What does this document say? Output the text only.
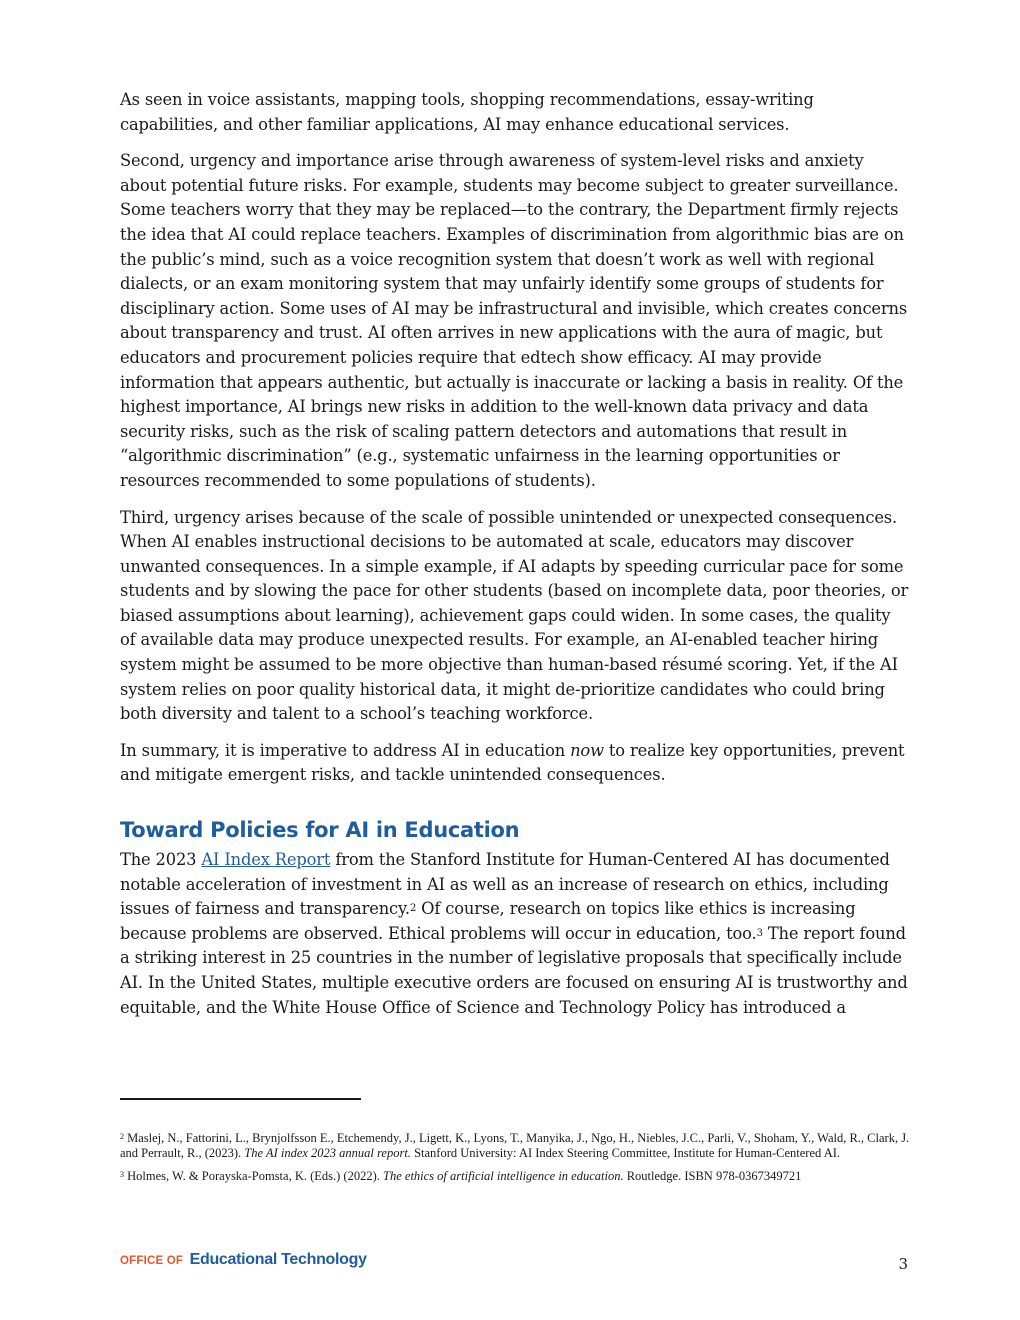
As seen in voice assistants, mapping tools, shopping recommendations, essay-writing capabilities, and other familiar applications, AI may enhance educational services.

Second, urgency and importance arise through awareness of system-level risks and anxiety about potential future risks. For example, students may become subject to greater surveillance. Some teachers worry that they may be replaced—to the contrary, the Department firmly rejects the idea that AI could replace teachers. Examples of discrimination from algorithmic bias are on the public’s mind, such as a voice recognition system that doesn’t work as well with regional dialects, or an exam monitoring system that may unfairly identify some groups of students for disciplinary action. Some uses of AI may be infrastructural and invisible, which creates concerns about transparency and trust. AI often arrives in new applications with the aura of magic, but educators and procurement policies require that edtech show efficacy. AI may provide information that appears authentic, but actually is inaccurate or lacking a basis in reality. Of the highest importance, AI brings new risks in addition to the well-known data privacy and data security risks, such as the risk of scaling pattern detectors and automations that result in “algorithmic discrimination” (e.g., systematic unfairness in the learning opportunities or resources recommended to some populations of students).

Third, urgency arises because of the scale of possible unintended or unexpected consequences. When AI enables instructional decisions to be automated at scale, educators may discover unwanted consequences. In a simple example, if AI adapts by speeding curricular pace for some students and by slowing the pace for other students (based on incomplete data, poor theories, or biased assumptions about learning), achievement gaps could widen. In some cases, the quality of available data may produce unexpected results. For example, an AI-enabled teacher hiring system might be assumed to be more objective than human-based résumé scoring. Yet, if the AI system relies on poor quality historical data, it might de-prioritize candidates who could bring both diversity and talent to a school’s teaching workforce.

In summary, it is imperative to address AI in education now to realize key opportunities, prevent and mitigate emergent risks, and tackle unintended consequences.

Toward Policies for AI in Education

The 2023 AI Index Report from the Stanford Institute for Human-Centered AI has documented notable acceleration of investment in AI as well as an increase of research on ethics, including issues of fairness and transparency.$^2$ Of course, research on topics like ethics is increasing because problems are observed. Ethical problems will occur in education, too.$^3$ The report found a striking interest in 25 countries in the number of legislative proposals that specifically include AI. In the United States, multiple executive orders are focused on ensuring AI is trustworthy and equitable, and the White House Office of Science and Technology Policy has introduced a

$^2$ Maslej, N., Fattorini, L., Brynjolfsson E., Etchemendy, J., Ligett, K., Lyons, T., Manyika, J., Ngo, H., Niebles, J.C., Parli, V., Shoham, Y., Wald, R., Clark, J. and Perrault, R., (2023). The AI index 2023 annual report. Stanford University: AI Index Steering Committee, Institute for Human-Centered AI.

$^3$ Holmes, W. & Porayska-Pomsta, K. (Eds.) (2022). The ethics of artificial intelligence in education. Routledge. ISBN 978-0367349721

OFFICE OF Educational Technology	3
